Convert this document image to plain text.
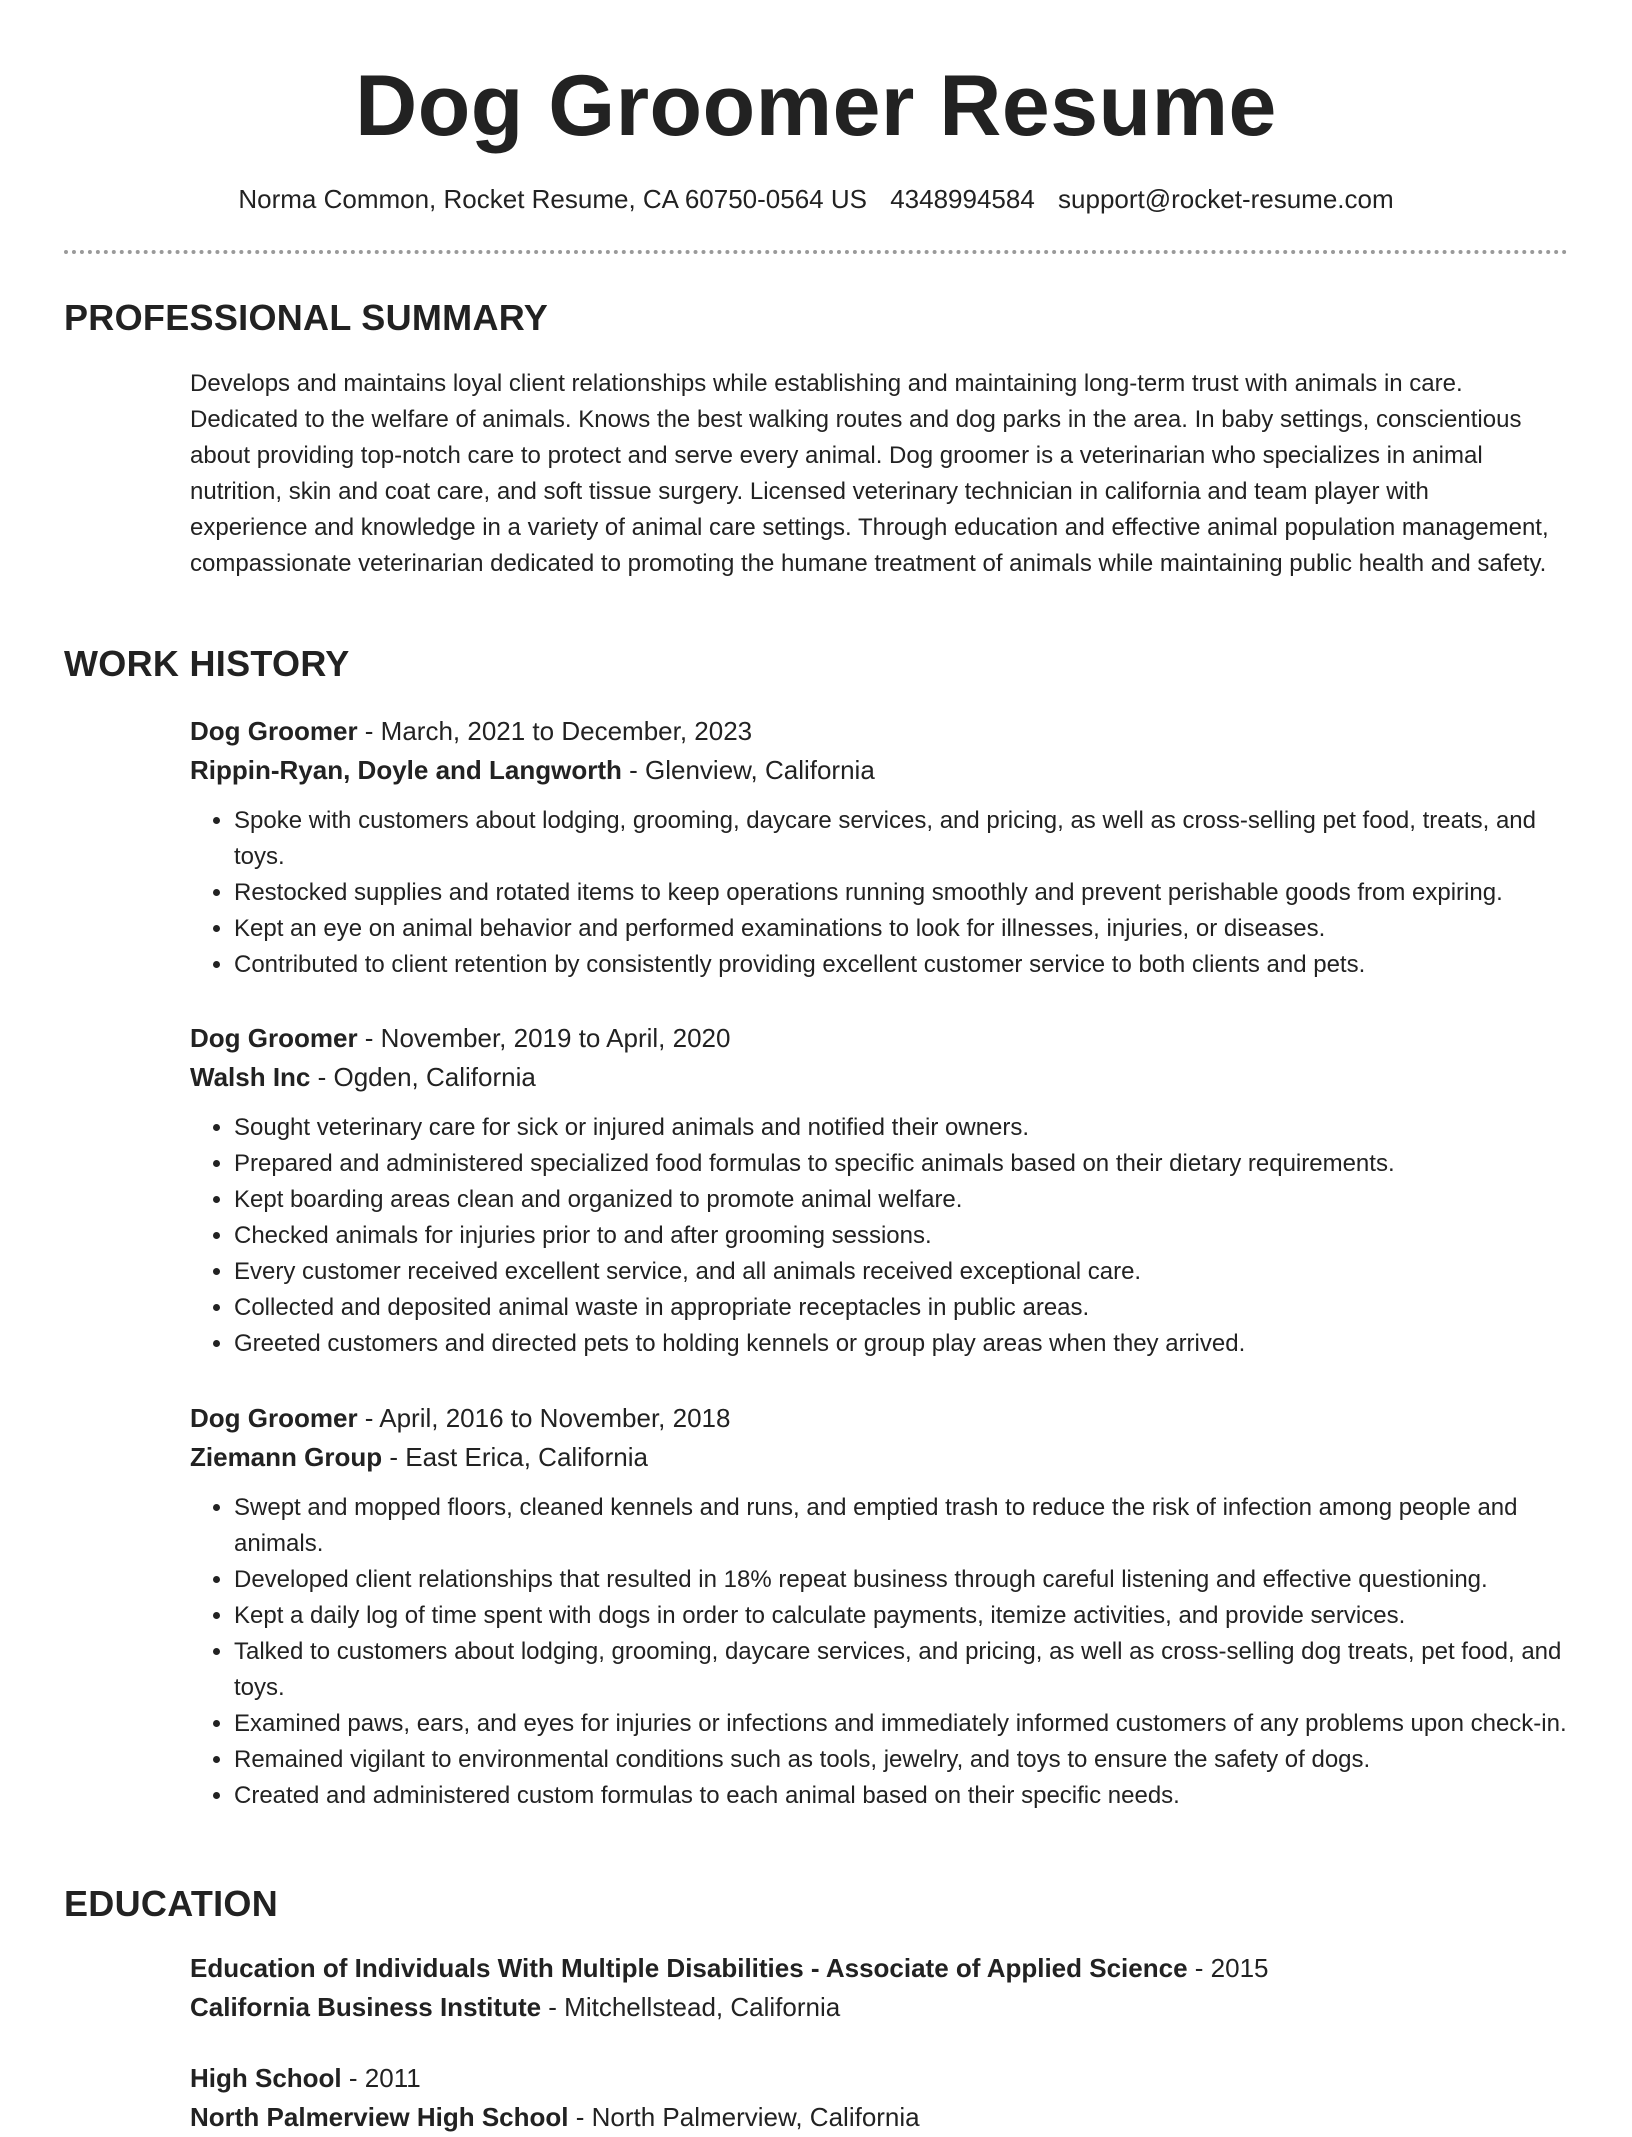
Dog Groomer Resume
Norma Common, Rocket Resume, CA 60750-0564 US 4348994584 support@rocket-resume.com
PROFESSIONAL SUMMARY
Develops and maintains loyal client relationships while establishing and maintaining long-term trust with animals in care. Dedicated to the welfare of animals. Knows the best walking routes and dog parks in the area. In baby settings, conscientious about providing top-notch care to protect and serve every animal. Dog groomer is a veterinarian who specializes in animal nutrition, skin and coat care, and soft tissue surgery. Licensed veterinary technician in california and team player with experience and knowledge in a variety of animal care settings. Through education and effective animal population management, compassionate veterinarian dedicated to promoting the humane treatment of animals while maintaining public health and safety.
WORK HISTORY
Dog Groomer - March, 2021 to December, 2023
Rippin-Ryan, Doyle and Langworth - Glenview, California
• Spoke with customers about lodging, grooming, daycare services, and pricing, as well as cross-selling pet food, treats, and toys.
• Restocked supplies and rotated items to keep operations running smoothly and prevent perishable goods from expiring.
• Kept an eye on animal behavior and performed examinations to look for illnesses, injuries, or diseases.
• Contributed to client retention by consistently providing excellent customer service to both clients and pets.
Dog Groomer - November, 2019 to April, 2020
Walsh Inc - Ogden, California
• Sought veterinary care for sick or injured animals and notified their owners.
• Prepared and administered specialized food formulas to specific animals based on their dietary requirements.
• Kept boarding areas clean and organized to promote animal welfare.
• Checked animals for injuries prior to and after grooming sessions.
• Every customer received excellent service, and all animals received exceptional care.
• Collected and deposited animal waste in appropriate receptacles in public areas.
• Greeted customers and directed pets to holding kennels or group play areas when they arrived.
Dog Groomer - April, 2016 to November, 2018
Ziemann Group - East Erica, California
• Swept and mopped floors, cleaned kennels and runs, and emptied trash to reduce the risk of infection among people and animals.
• Developed client relationships that resulted in 18% repeat business through careful listening and effective questioning.
• Kept a daily log of time spent with dogs in order to calculate payments, itemize activities, and provide services.
• Talked to customers about lodging, grooming, daycare services, and pricing, as well as cross-selling dog treats, pet food, and toys.
• Examined paws, ears, and eyes for injuries or infections and immediately informed customers of any problems upon check-in.
• Remained vigilant to environmental conditions such as tools, jewelry, and toys to ensure the safety of dogs.
• Created and administered custom formulas to each animal based on their specific needs.
EDUCATION
Education of Individuals With Multiple Disabilities - Associate of Applied Science - 2015
California Business Institute - Mitchellstead, California
High School - 2011
North Palmerview High School - North Palmerview, California
